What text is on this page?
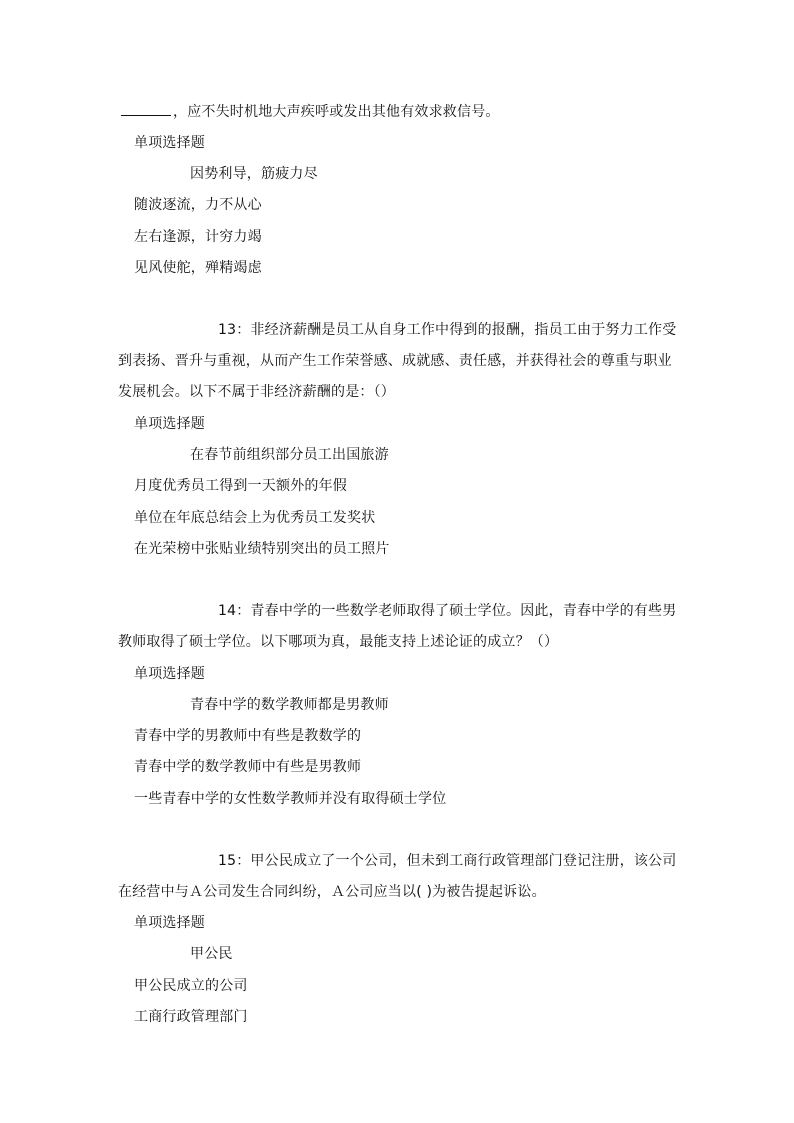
，应不失时机地大声疾呼或发出其他有效求救信号。
单项选择题
因势利导，筋疲力尽
随波逐流，力不从心
左右逢源，计穷力竭
见风使舵，殚精竭虑
13：非经济薪酬是员工从自身工作中得到的报酬，指员工由于努力工作受
到表扬、晋升与重视，从而产生工作荣誉感、成就感、责任感，并获得社会的尊重与职业
发展机会。以下不属于非经济薪酬的是：（）
单项选择题
在春节前组织部分员工出国旅游
月度优秀员工得到一天额外的年假
单位在年底总结会上为优秀员工发奖状
在光荣榜中张贴业绩特别突出的员工照片
14：青春中学的一些数学老师取得了硕士学位。因此，青春中学的有些男
教师取得了硕士学位。以下哪项为真，最能支持上述论证的成立？（）
单项选择题
青春中学的数学教师都是男教师
青春中学的男教师中有些是教数学的
青春中学的数学教师中有些是男教师
一些青春中学的女性数学教师并没有取得硕士学位
15：甲公民成立了一个公司，但未到工商行政管理部门登记注册，该公司
在经营中与Ａ公司发生合同纠纷，Ａ公司应当以( )为被告提起诉讼。
单项选择题
甲公民
甲公民成立的公司
工商行政管理部门
